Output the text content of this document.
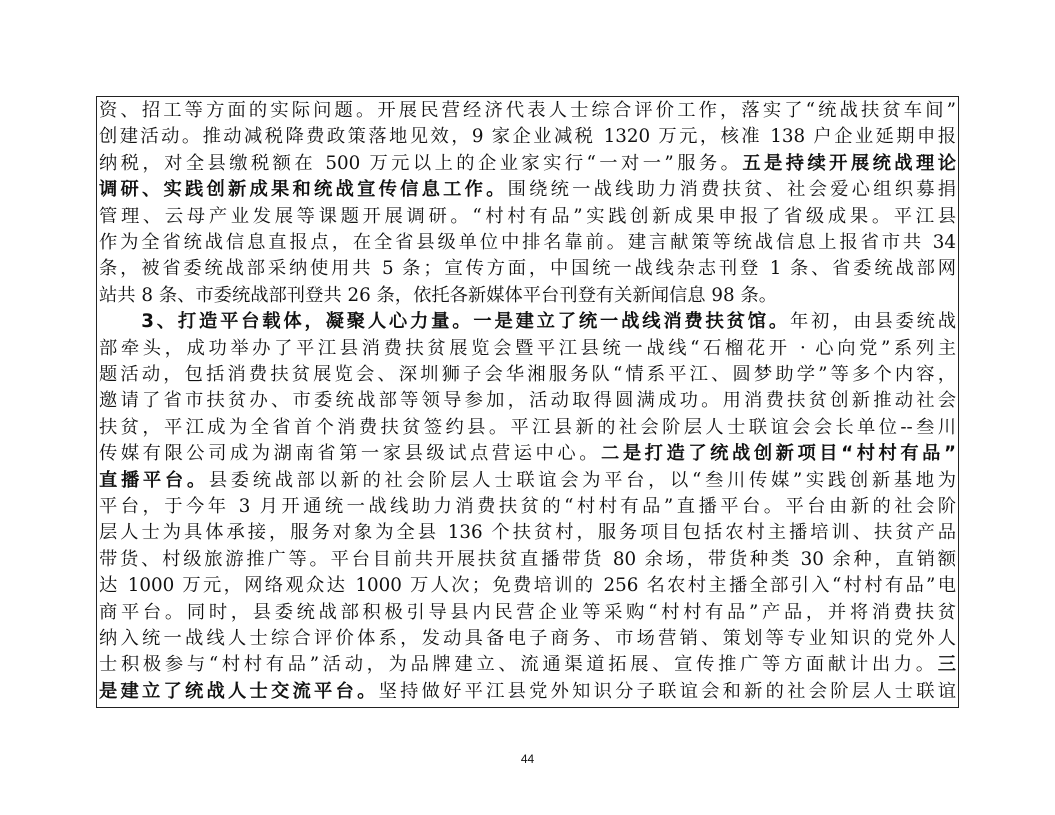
资、招工等方面的实际问题。开展民营经济代表人士综合评价工作，落实了“统战扶贫车间”
创建活动。推动减税降费政策落地见效，9 家企业减税 1320 万元，核准 138 户企业延期申报
纳税，对全县缴税额在 500 万元以上的企业家实行“一对一”服务。五是持续开展统战理论
调研、实践创新成果和统战宣传信息工作。围绕统一战线助力消费扶贫、社会爱心组织募捐
管理、云母产业发展等课题开展调研。“村村有品”实践创新成果申报了省级成果。平江县
作为全省统战信息直报点，在全省县级单位中排名靠前。建言献策等统战信息上报省市共 34
条，被省委统战部采纳使用共 5 条；宣传方面，中国统一战线杂志刊登 1 条、省委统战部网
站共 8 条、市委统战部刊登共 26 条，依托各新媒体平台刊登有关新闻信息 98 条。
　　3、打造平台载体，凝聚人心力量。一是建立了统一战线消费扶贫馆。年初，由县委统战
部牵头，成功举办了平江县消费扶贫展览会暨平江县统一战线“石榴花开 · 心向党”系列主
题活动，包括消费扶贫展览会、深圳狮子会华湘服务队“情系平江、圆梦助学”等多个内容，
邀请了省市扶贫办、市委统战部等领导参加，活动取得圆满成功。用消费扶贫创新推动社会
扶贫，平江成为全省首个消费扶贫签约县。平江县新的社会阶层人士联谊会会长单位--叁川
传媒有限公司成为湖南省第一家县级试点营运中心。二是打造了统战创新项目“村村有品”
直播平台。县委统战部以新的社会阶层人士联谊会为平台，以“叁川传媒”实践创新基地为
平台，于今年 3 月开通统一战线助力消费扶贫的“村村有品”直播平台。平台由新的社会阶
层人士为具体承接，服务对象为全县 136 个扶贫村，服务项目包括农村主播培训、扶贫产品
带货、村级旅游推广等。平台目前共开展扶贫直播带货 80 余场，带货种类 30 余种，直销额
达 1000 万元，网络观众达 1000 万人次；免费培训的 256 名农村主播全部引入“村村有品”电
商平台。同时，县委统战部积极引导县内民营企业等采购“村村有品”产品，并将消费扶贫
纳入统一战线人士综合评价体系，发动具备电子商务、市场营销、策划等专业知识的党外人
士积极参与“村村有品”活动，为品牌建立、流通渠道拓展、宣传推广等方面献计出力。三
是建立了统战人士交流平台。坚持做好平江县党外知识分子联谊会和新的社会阶层人士联谊
44
